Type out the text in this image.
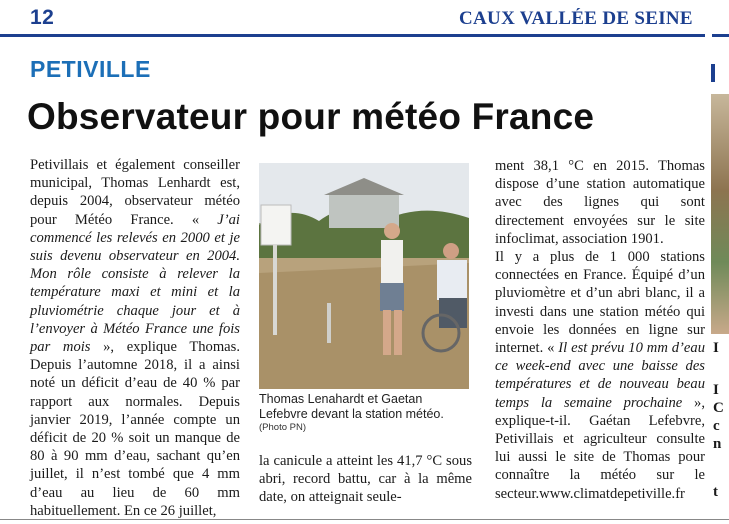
12	CAUX VALLÉE DE SEINE
PETIVILLE
Observateur pour météo France

Petivillais et également conseiller municipal, Thomas Lenhardt est, depuis 2004, observateur météo pour Météo France. « J’ai commencé les relevés en 2000 et je suis devenu observateur en 2004. Mon rôle consiste à relever la température maxi et mini et la pluviométrie chaque jour et à l’envoyer à Météo France une fois par mois », explique Thomas. Depuis l’automne 2018, il a ainsi noté un déficit d’eau de 40 % par rapport aux normales. Depuis janvier 2019, l’année compte un déficit de 20 % soit un manque de 80 à 90 mm d’eau, sachant qu’en juillet, il n’est tombé que 4 mm d’eau au lieu de 60 mm habituellement. En ce 26 juillet,

Thomas Lenahardt et Gaetan Lefebvre devant la station météo.
(Photo PN)

la canicule a atteint les 41,7 °C sous abri, record battu, car à la même date, on atteignait seule-

ment 38,1 °C en 2015. Thomas dispose d’une station automatique avec des lignes qui sont directement envoyées sur le site infoclimat, association 1901.

Il y a plus de 1 000 stations connectées en France. Équipé d’un pluviomètre et d’un abri blanc, il a investi dans une station météo qui envoie les données en ligne sur internet. « Il est prévu 10 mm d’eau ce week-end avec une baisse des températures et de nouveau beau temps la semaine prochaine », explique-t-il. Gaétan Lefebvre, Petivillais et agriculteur consulte lui aussi le site de Thomas pour connaître la météo sur le secteur.www.climatdepetiville.fr

I
I
C
c
n
t
